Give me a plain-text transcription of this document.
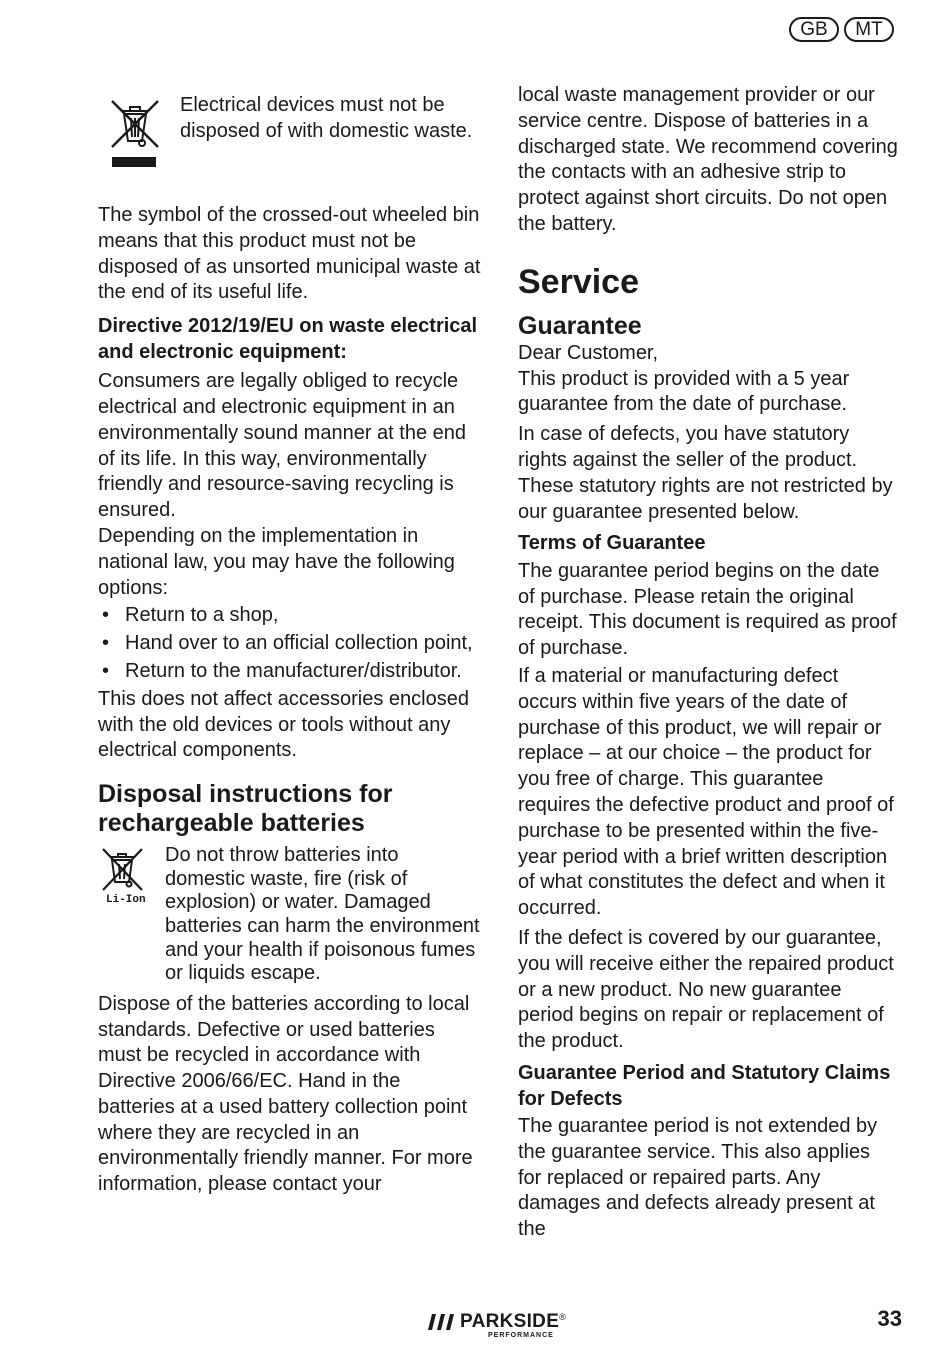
GB	MT

Electrical devices must not be disposed of with domestic waste.

The symbol of the crossed-out wheeled bin means that this product must not be disposed of as unsorted municipal waste at the end of its useful life.

Directive 2012/19/EU on waste electrical and electronic equipment:

Consumers are legally obliged to recycle electrical and electronic equipment in an environmentally sound manner at the end of its life. In this way, environmentally friendly and resource-saving recycling is ensured.

Depending on the implementation in national law, you may have the following options:

• Return to a shop,
• Hand over to an official collection point,
• Return to the manufacturer/distributor.

This does not affect accessories enclosed with the old devices or tools without any electrical components.

Disposal instructions for rechargeable batteries
Li-Ion

Do not throw batteries into domestic waste, fire (risk of explosion) or water. Damaged batteries can harm the environment and your health if poisonous fumes or liquids escape.

Dispose of the batteries according to local standards. Defective or used batteries must be recycled in accordance with Directive 2006/66/EC. Hand in the batteries at a used battery collection point where they are recycled in an environmentally friendly manner. For more information, please contact your

local waste management provider or our service centre. Dispose of batteries in a discharged state. We recommend covering the contacts with an adhesive strip to protect against short circuits. Do not open the battery.

Service
Guarantee

Dear Customer,

This product is provided with a 5 year guarantee from the date of purchase.

In case of defects, you have statutory rights against the seller of the product. These statutory rights are not restricted by our guarantee presented below.

Terms of Guarantee

The guarantee period begins on the date of purchase. Please retain the original receipt. This document is required as proof of purchase.

If a material or manufacturing defect occurs within five years of the date of purchase of this product, we will repair or replace – at our choice – the product for you free of charge. This guarantee requires the defective product and proof of purchase to be presented within the five-year period with a brief written description of what constitutes the defect and when it occurred.

If the defect is covered by our guarantee, you will receive either the repaired product or a new product. No new guarantee period begins on repair or replacement of the product.

Guarantee Period and Statutory Claims for Defects

The guarantee period is not extended by the guarantee service. This also applies for replaced or repaired parts. Any damages and defects already present at the

PARKSIDE ®
PERFORMANCE
33
